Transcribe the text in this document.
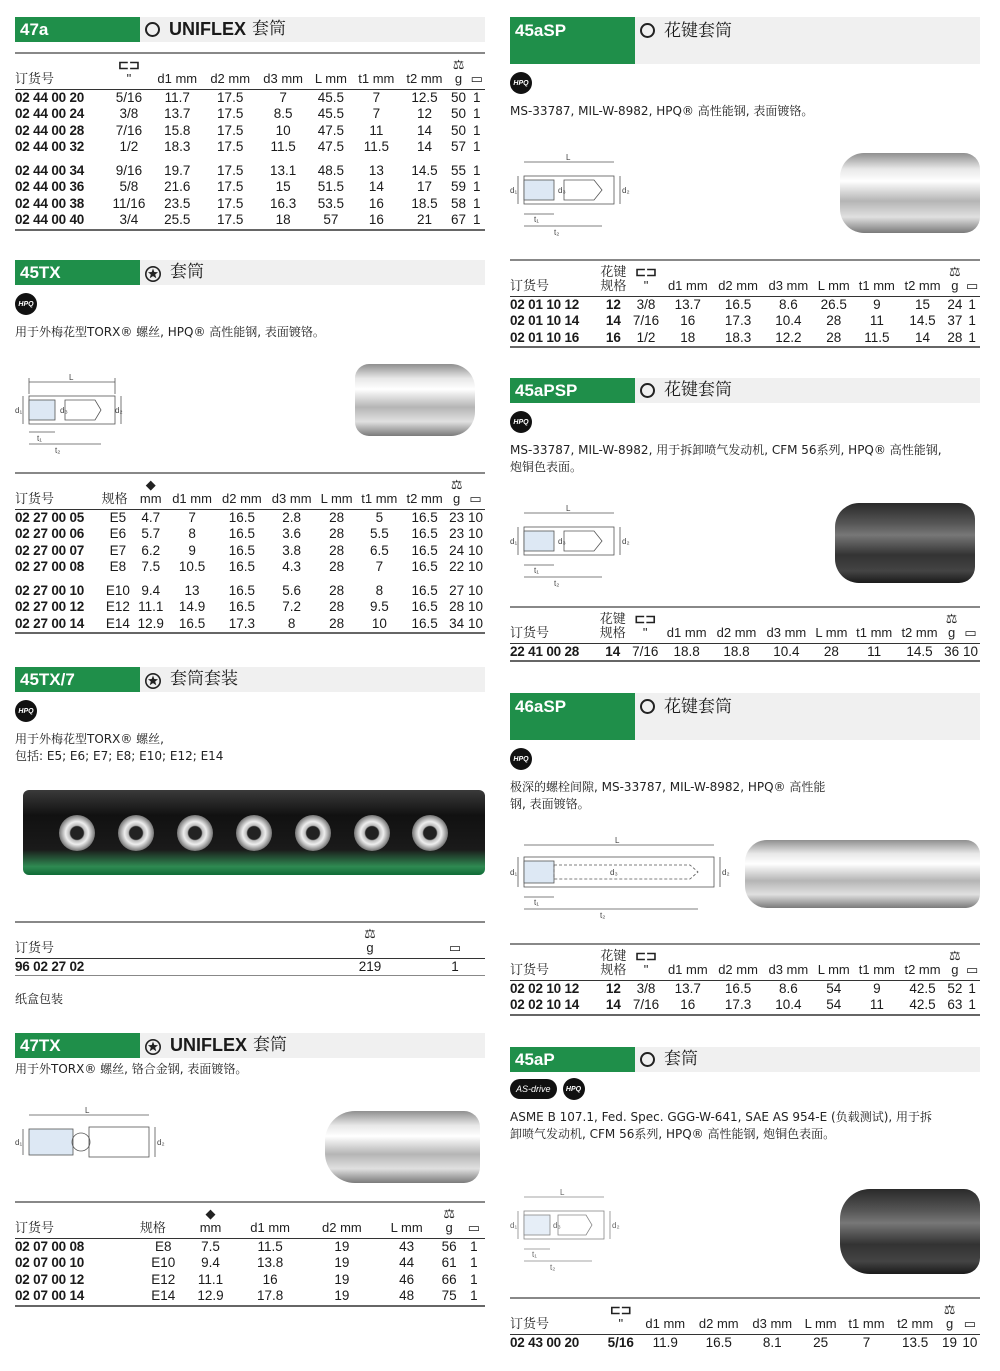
47a	UNIFLEX 套筒
订货号	⊏⊐
"	d1 mm	d2 mm	d3 mm	L mm	t1 mm	t2 mm	⚖
g	▭
02 44 00 20	5/16	11.7	17.5	7	45.5	7	12.5	50	1
02 44 00 24	3/8	13.7	17.5	8.5	45.5	7	12	50	1
02 44 00 28	7/16	15.8	17.5	10	47.5	11	14	50	1
02 44 00 32	1/2	18.3	17.5	11.5	47.5	11.5	14	57	1
02 44 00 34	9/16	19.7	17.5	13.1	48.5	13	14.5	55	1
02 44 00 36	5/8	21.6	17.5	15	51.5	14	17	59	1
02 44 00 38	11/16	23.5	17.5	16.3	53.5	16	18.5	58	1
02 44 00 40	3/4	25.5	17.5	18	57	16	21	67	1
45TX	套筒
HPQ
用于外梅花型TORX® 螺丝, HPQ® 高性能钢, 表面镀铬。
L
d₁	d₂
d₃
t₁
t₂
订货号	规格	◆
mm	d1 mm	d2 mm	d3 mm	L mm	t1 mm	t2 mm	⚖
g	▭
02 27 00 05	E5	4.7	7	16.5	2.8	28	5	16.5	23	10
02 27 00 06	E6	5.7	8	16.5	3.6	28	5.5	16.5	23	10
02 27 00 07	E7	6.2	9	16.5	3.8	28	6.5	16.5	24	10
02 27 00 08	E8	7.5	10.5	16.5	4.3	28	7	16.5	22	10
02 27 00 10	E10	9.4	13	16.5	5.6	28	8	16.5	27	10
02 27 00 12	E12	11.1	14.9	16.5	7.2	28	9.5	16.5	28	10
02 27 00 14	E14	12.9	16.5	17.3	8	28	10	16.5	34	10
45TX/7	套筒套装
HPQ
用于外梅花型TORX® 螺丝,
包括: E5; E6; E7; E8; E10; E12; E14
订货号	⚖
g	▭
96 02 27 02	219	1
纸盒包装
47TX	UNIFLEX 套筒
用于外TORX® 螺丝, 铬合金钢, 表面镀铬。
L
d₁	d₂
订货号	规格	◆
mm	d1 mm	d2 mm	L mm	⚖
g	▭
02 07 00 08	E8	7.5	11.5	19	43	56	1
02 07 00 10	E10	9.4	13.8	19	44	61	1
02 07 00 12	E12	11.1	16	19	46	66	1
02 07 00 14	E14	12.9	17.8	19	48	75	1
45aSP	花键套筒
HPQ
MS-33787, MIL-W-8982, HPQ® 高性能钢, 表面镀铬。
L
d₁	d₂
d₃
t₁
t₂
订货号	花键 规格	⊏⊐
"	d1 mm	d2 mm	d3 mm	L mm	t1 mm	t2 mm	⚖
g	▭
02 01 10 12	12	3/8	13.7	16.5	8.6	26.5	9	15	24	1
02 01 10 14	14	7/16	16	17.3	10.4	28	11	14.5	37	1
02 01 10 16	16	1/2	18	18.3	12.2	28	11.5	14	28	1
45aPSP	花键套筒
HPQ
MS-33787, MIL-W-8982, 用于拆卸喷气发动机, CFM 56系列, HPQ® 高性能钢, 炮铜色表面。
L
d₁	d₂
d₃
t₁
t₂
订货号	花键 规格	⊏⊐
"	d1 mm	d2 mm	d3 mm	L mm	t1 mm	t2 mm	⚖
g	▭
22 41 00 28	14	7/16	18.8	18.8	10.4	28	11	14.5	36	10
46aSP	花键套筒
HPQ
极深的螺栓间隙, MS-33787, MIL-W-8982, HPQ® 高性能钢, 表面镀铬。
L
d₁	d₂
d₃
t₁
t₂
订货号	花键 规格	⊏⊐
"	d1 mm	d2 mm	d3 mm	L mm	t1 mm	t2 mm	⚖
g	▭
02 02 10 12	12	3/8	13.7	16.5	8.6	54	9	42.5	52	1
02 02 10 14	14	7/16	16	17.3	10.4	54	11	42.5	63	1
45aP	套筒
AS-drive	HPQ
ASME B 107.1, Fed. Spec. GGG-W-641, SAE AS 954-E (负载测试), 用于拆卸喷气发动机, CFM 56系列, HPQ® 高性能钢, 炮铜色表面。
L
d₁	d₂
d₃
t₁
t₂
订货号	⊏⊐
"	d1 mm	d2 mm	d3 mm	L mm	t1 mm	t2 mm	⚖
g	▭
02 43 00 20	5/16	11.9	16.5	8.1	25	7	13.5	19	10
